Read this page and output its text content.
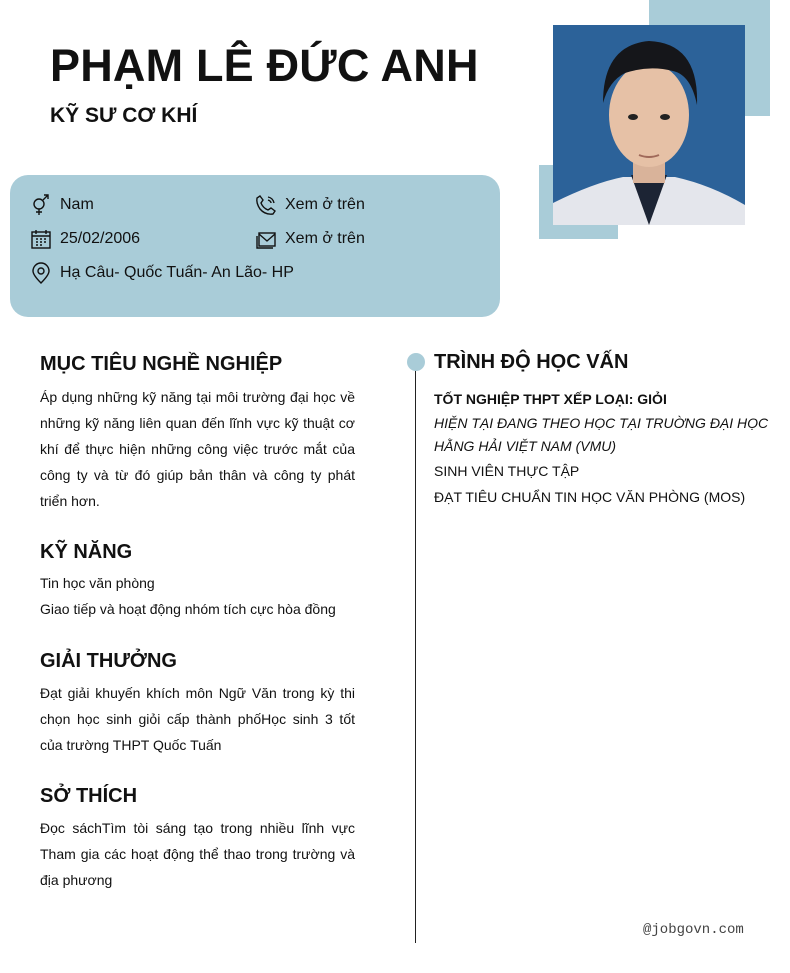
PHẠM LÊ ĐỨC ANH
KỸ SƯ CƠ KHÍ
Nam	Xem ở trên
25/02/2006	Xem ở trên
Hạ Câu- Quốc Tuấn- An Lão- HP
MỤC TIÊU NGHỀ NGHIỆP
Áp dụng những kỹ năng tại môi trường đại học về những kỹ năng liên quan đến lĩnh vực kỹ thuật cơ khí để thực hiện những công việc trước mắt của công ty và từ đó giúp bản thân và công ty phát triển hơn.
KỸ NĂNG
Tin học văn phòng
Giao tiếp và hoạt động nhóm tích cực hòa đồng
GIẢI THƯỞNG
Đạt giải khuyến khích môn Ngữ Văn trong kỳ thi chọn học sinh giỏi cấp thành phốHọc sinh 3 tốt của trường THPT Quốc Tuấn
SỞ THÍCH
Đọc sáchTìm tòi sáng tạo trong nhiều lĩnh vực Tham gia các hoạt động thể thao trong trường và địa phương
TRÌNH ĐỘ HỌC VẤN
TỐT NGHIỆP THPT XẾP LOẠI: GIỎI
HIỆN TẠI ĐANG THEO HỌC TẠI TRUỜNG ĐẠI HỌC
HẰNG HẢI VIỆT NAM (VMU)
SINH VIÊN THỰC TẬP
ĐẠT TIÊU CHUẨN TIN HỌC VĂN PHÒNG (MOS)
@jobgovn.com
